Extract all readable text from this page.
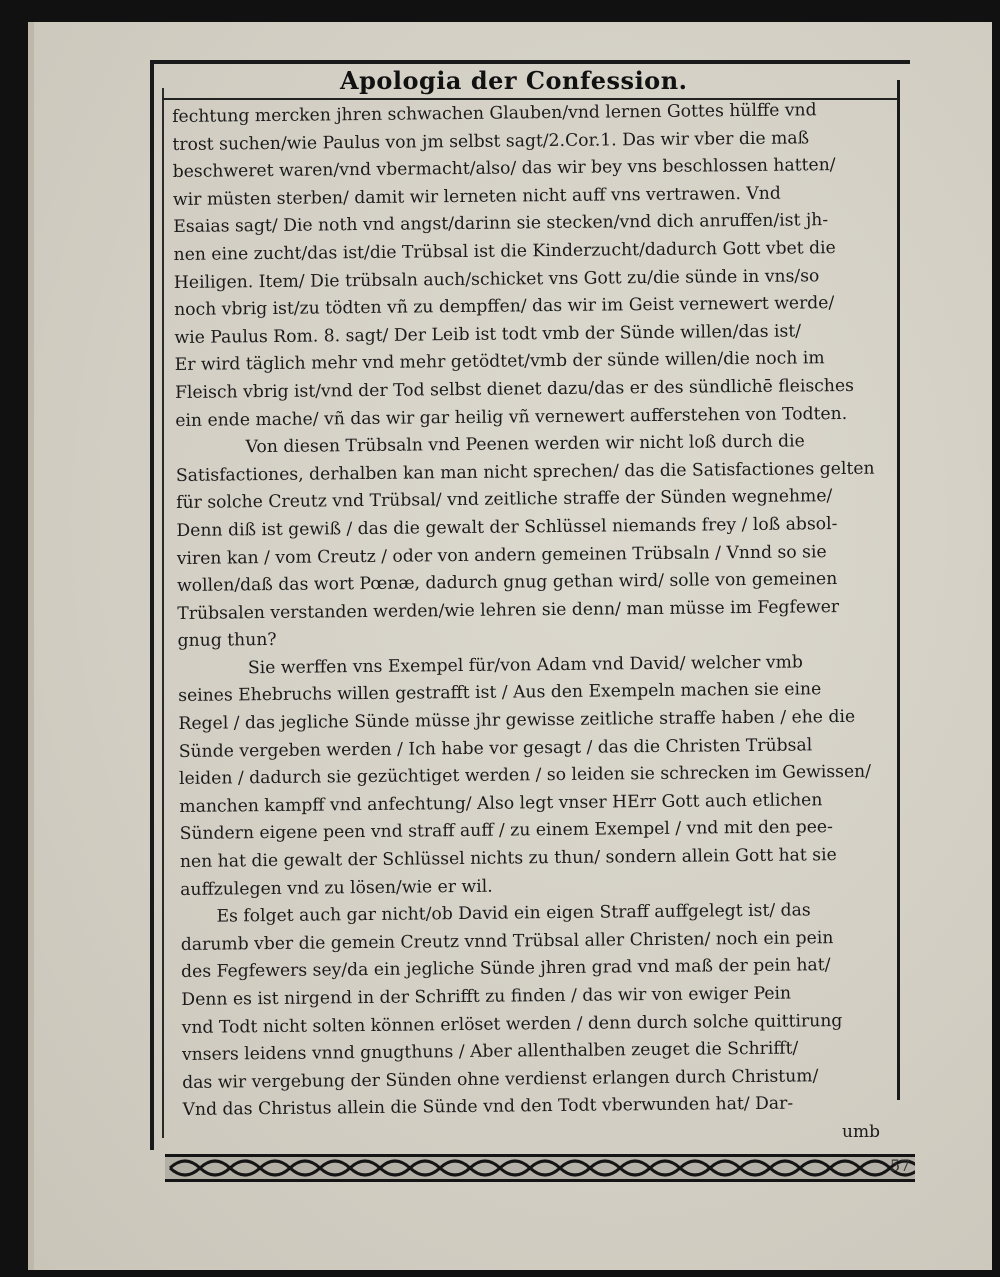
Apologia der Confession.
fechtung mercken jhren schwachen Glauben/vnd lernen Gottes hülffe vnd
trost suchen/wie Paulus von jm selbst sagt/2.Cor.1. Das wir vber die maß
beschweret waren/vnd vbermacht/also/ das wir bey vns beschlossen hatten/
wir müsten sterben/ damit wir lerneten nicht auff vns vertrawen. Vnd
Esaias sagt/ Die noth vnd angst/darinn sie stecken/vnd dich anruffen/ist jh-
nen eine zucht/das ist/die Trübsal ist die Kinderzucht/dadurch Gott vbet die
Heiligen. Item/ Die trübsaln auch/schicket vns Gott zu/die sünde in vns/so
noch vbrig ist/zu tödten vñ zu dempffen/ das wir im Geist vernewert werde/
wie Paulus Rom. 8. sagt/ Der Leib ist todt vmb der Sünde willen/das ist/
Er wird täglich mehr vnd mehr getödtet/vmb der sünde willen/die noch im
Fleisch vbrig ist/vnd der Tod selbst dienet dazu/das er des sündlichē fleisches
ein ende mache/ vñ das wir gar heilig vñ vernewert aufferstehen von Todten.
Von diesen Trübsaln vnd Peenen werden wir nicht loß durch die
Satisfactiones, derhalben kan man nicht sprechen/ das die Satisfactiones gelten
für solche Creutz vnd Trübsal/ vnd zeitliche straffe der Sünden wegnehme/
Denn diß ist gewiß / das die gewalt der Schlüssel niemands frey / loß absol-
viren kan / vom Creutz / oder von andern gemeinen Trübsaln / Vnnd so sie
wollen/daß das wort Pœnæ, dadurch gnug gethan wird/ solle von gemeinen
Trübsalen verstanden werden/wie lehren sie denn/ man müsse im Fegfewer
gnug thun?
Sie werffen vns Exempel für/von Adam vnd David/ welcher vmb
seines Ehebruchs willen gestrafft ist / Aus den Exempeln machen sie eine
Regel / das jegliche Sünde müsse jhr gewisse zeitliche straffe haben / ehe die
Sünde vergeben werden / Ich habe vor gesagt / das die Christen Trübsal
leiden / dadurch sie gezüchtiget werden / so leiden sie schrecken im Gewissen/
manchen kampff vnd anfechtung/ Also legt vnser HErr Gott auch etlichen
Sündern eigene peen vnd straff auff / zu einem Exempel / vnd mit den pee-
nen hat die gewalt der Schlüssel nichts zu thun/ sondern allein Gott hat sie
auffzulegen vnd zu lösen/wie er wil.
Es folget auch gar nicht/ob David ein eigen Straff auffgelegt ist/ das
darumb vber die gemein Creutz vnnd Trübsal aller Christen/ noch ein pein
des Fegfewers sey/da ein jegliche Sünde jhren grad vnd maß der pein hat/
Denn es ist nirgend in der Schrifft zu finden / das wir von ewiger Pein
vnd Todt nicht solten können erlöset werden / denn durch solche quittirung
vnsers leidens vnnd gnugthuns / Aber allenthalben zeuget die Schrifft/
das wir vergebung der Sünden ohne verdienst erlangen durch Christum/
Vnd das Christus allein die Sünde vnd den Todt vberwunden hat/ Dar-
umb
57
